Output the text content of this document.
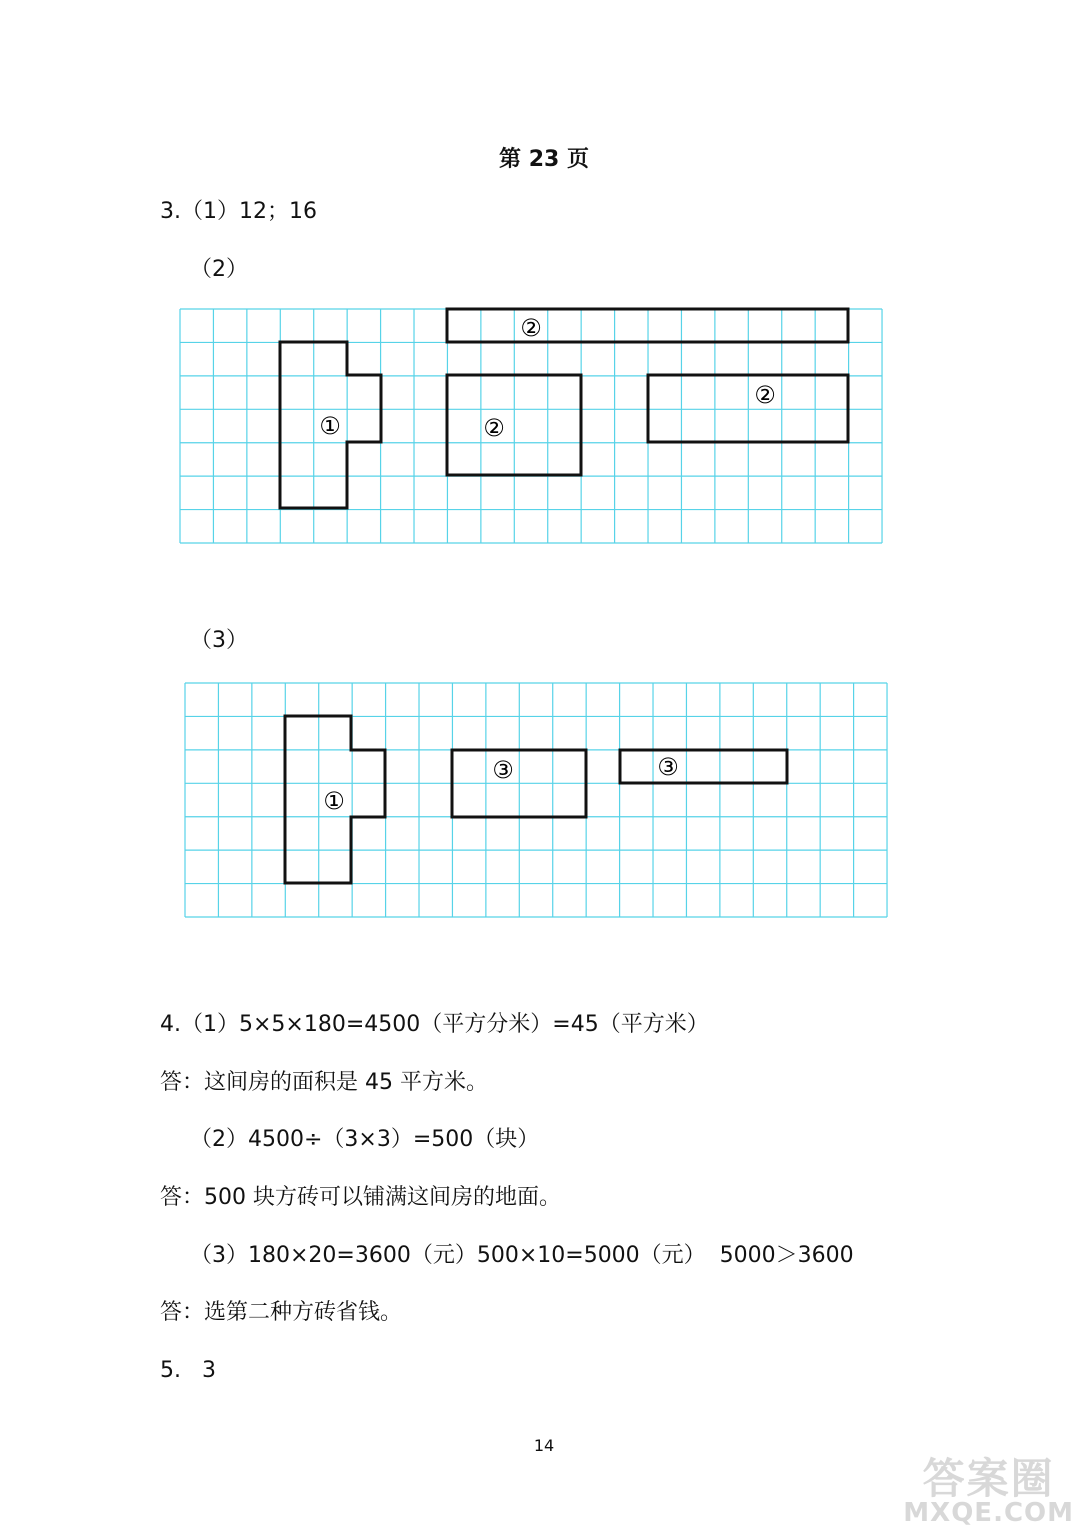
第 23 页
3.（1）12；16
（2）
①
②
②
②
①
③	③
（3）
4.（1）5×5×180=4500（平方分米）=45（平方米）
答：这间房的面积是 45 平方米。
（2）4500÷（3×3）=500（块）
答：500 块方砖可以铺满这间房的地面。
（3）180×20=3600（元）500×10=5000（元）  5000＞3600
答：选第二种方砖省钱。
5.   3
14
答案圈
MXQE.COM
